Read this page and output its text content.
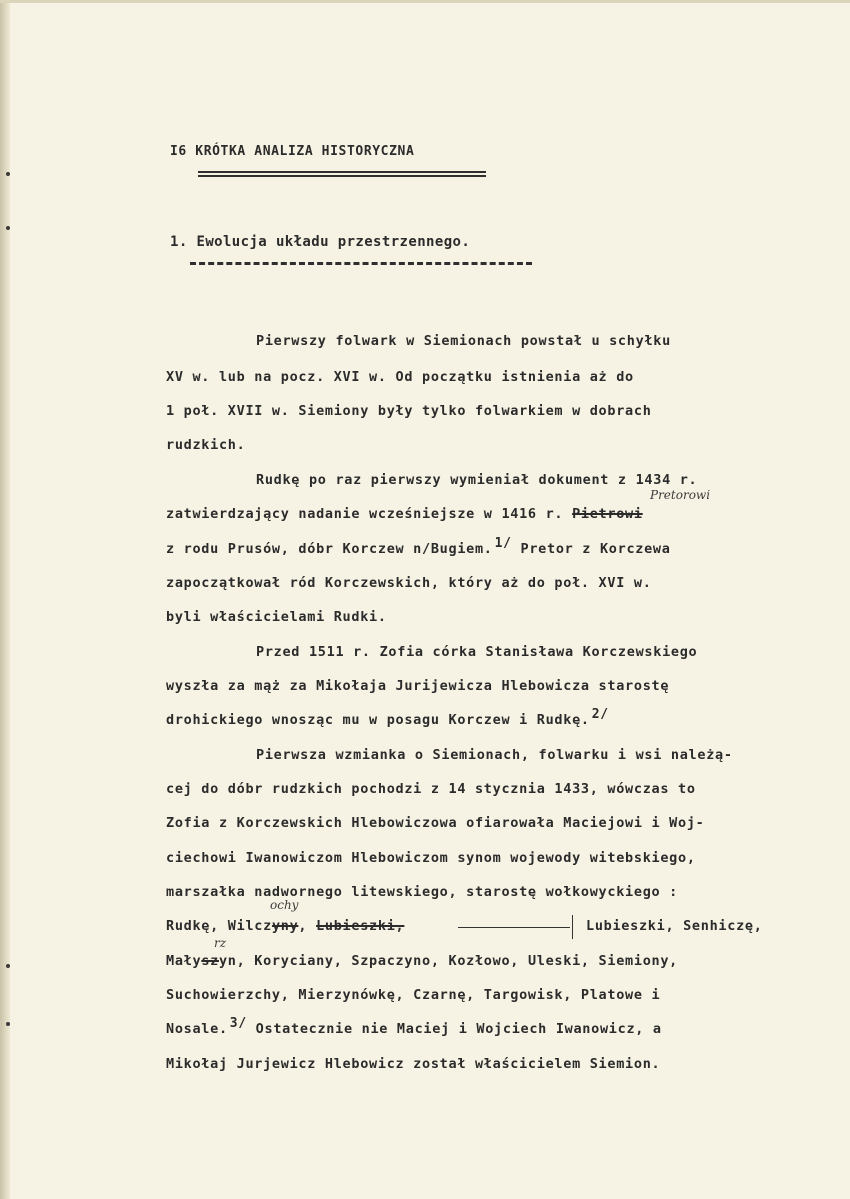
I6 KRÓTKA ANALIZA HISTORYCZNA
1. Ewolucja układu przestrzennego.
Pierwszy folwark w Siemionach powstał u schyłku
XV w. lub na pocz. XVI w. Od początku istnienia aż do
1 poł. XVII w. Siemiony były tylko folwarkiem w dobrach
rudzkich.
Rudkę po raz pierwszy wymieniał dokument z 1434 r.
zatwierdzający nadanie wcześniejsze w 1416 r. Pietrowi
Pretorowi
z rodu Prusów, dóbr Korczew n/Bugiem. 1/ Pretor z Korczewa
zapoczątkował ród Korczewskich, który aż do poł. XVI w.
byli właścicielami Rudki.
Przed 1511 r. Zofia córka Stanisława Korczewskiego
wyszła za mąż za Mikołaja Jurijewicza Hlebowicza starostę
drohickiego wnosząc mu w posagu Korczew i Rudkę. 2/
Pierwsza wzmianka o Siemionach, folwarku i wsi należą-
cej do dóbr rudzkich pochodzi z 14 stycznia 1433, wówczas to
Zofia z Korczewskich Hlebowiczowa ofiarowała Maciejowi i Woj-
ciechowi Iwanowiczom Hlebowiczom synom wojewody witebskiego,
marszałka nadwornego litewskiego, starostę wołkowyckiego :
ochy
Rudkę, Wilczyny, Lubieszki,	Lubieszki, Senhiczę,
rz
Małyszyn, Koryciany, Szpaczyno, Kozłowo, Uleski, Siemiony,
Suchowierzchy, Mierzynówkę, Czarnę, Targowisk, Platowe i
Nosale. 3/ Ostatecznie nie Maciej i Wojciech Iwanowicz, a
Mikołaj Jurjewicz Hlebowicz został właścicielem Siemion.
